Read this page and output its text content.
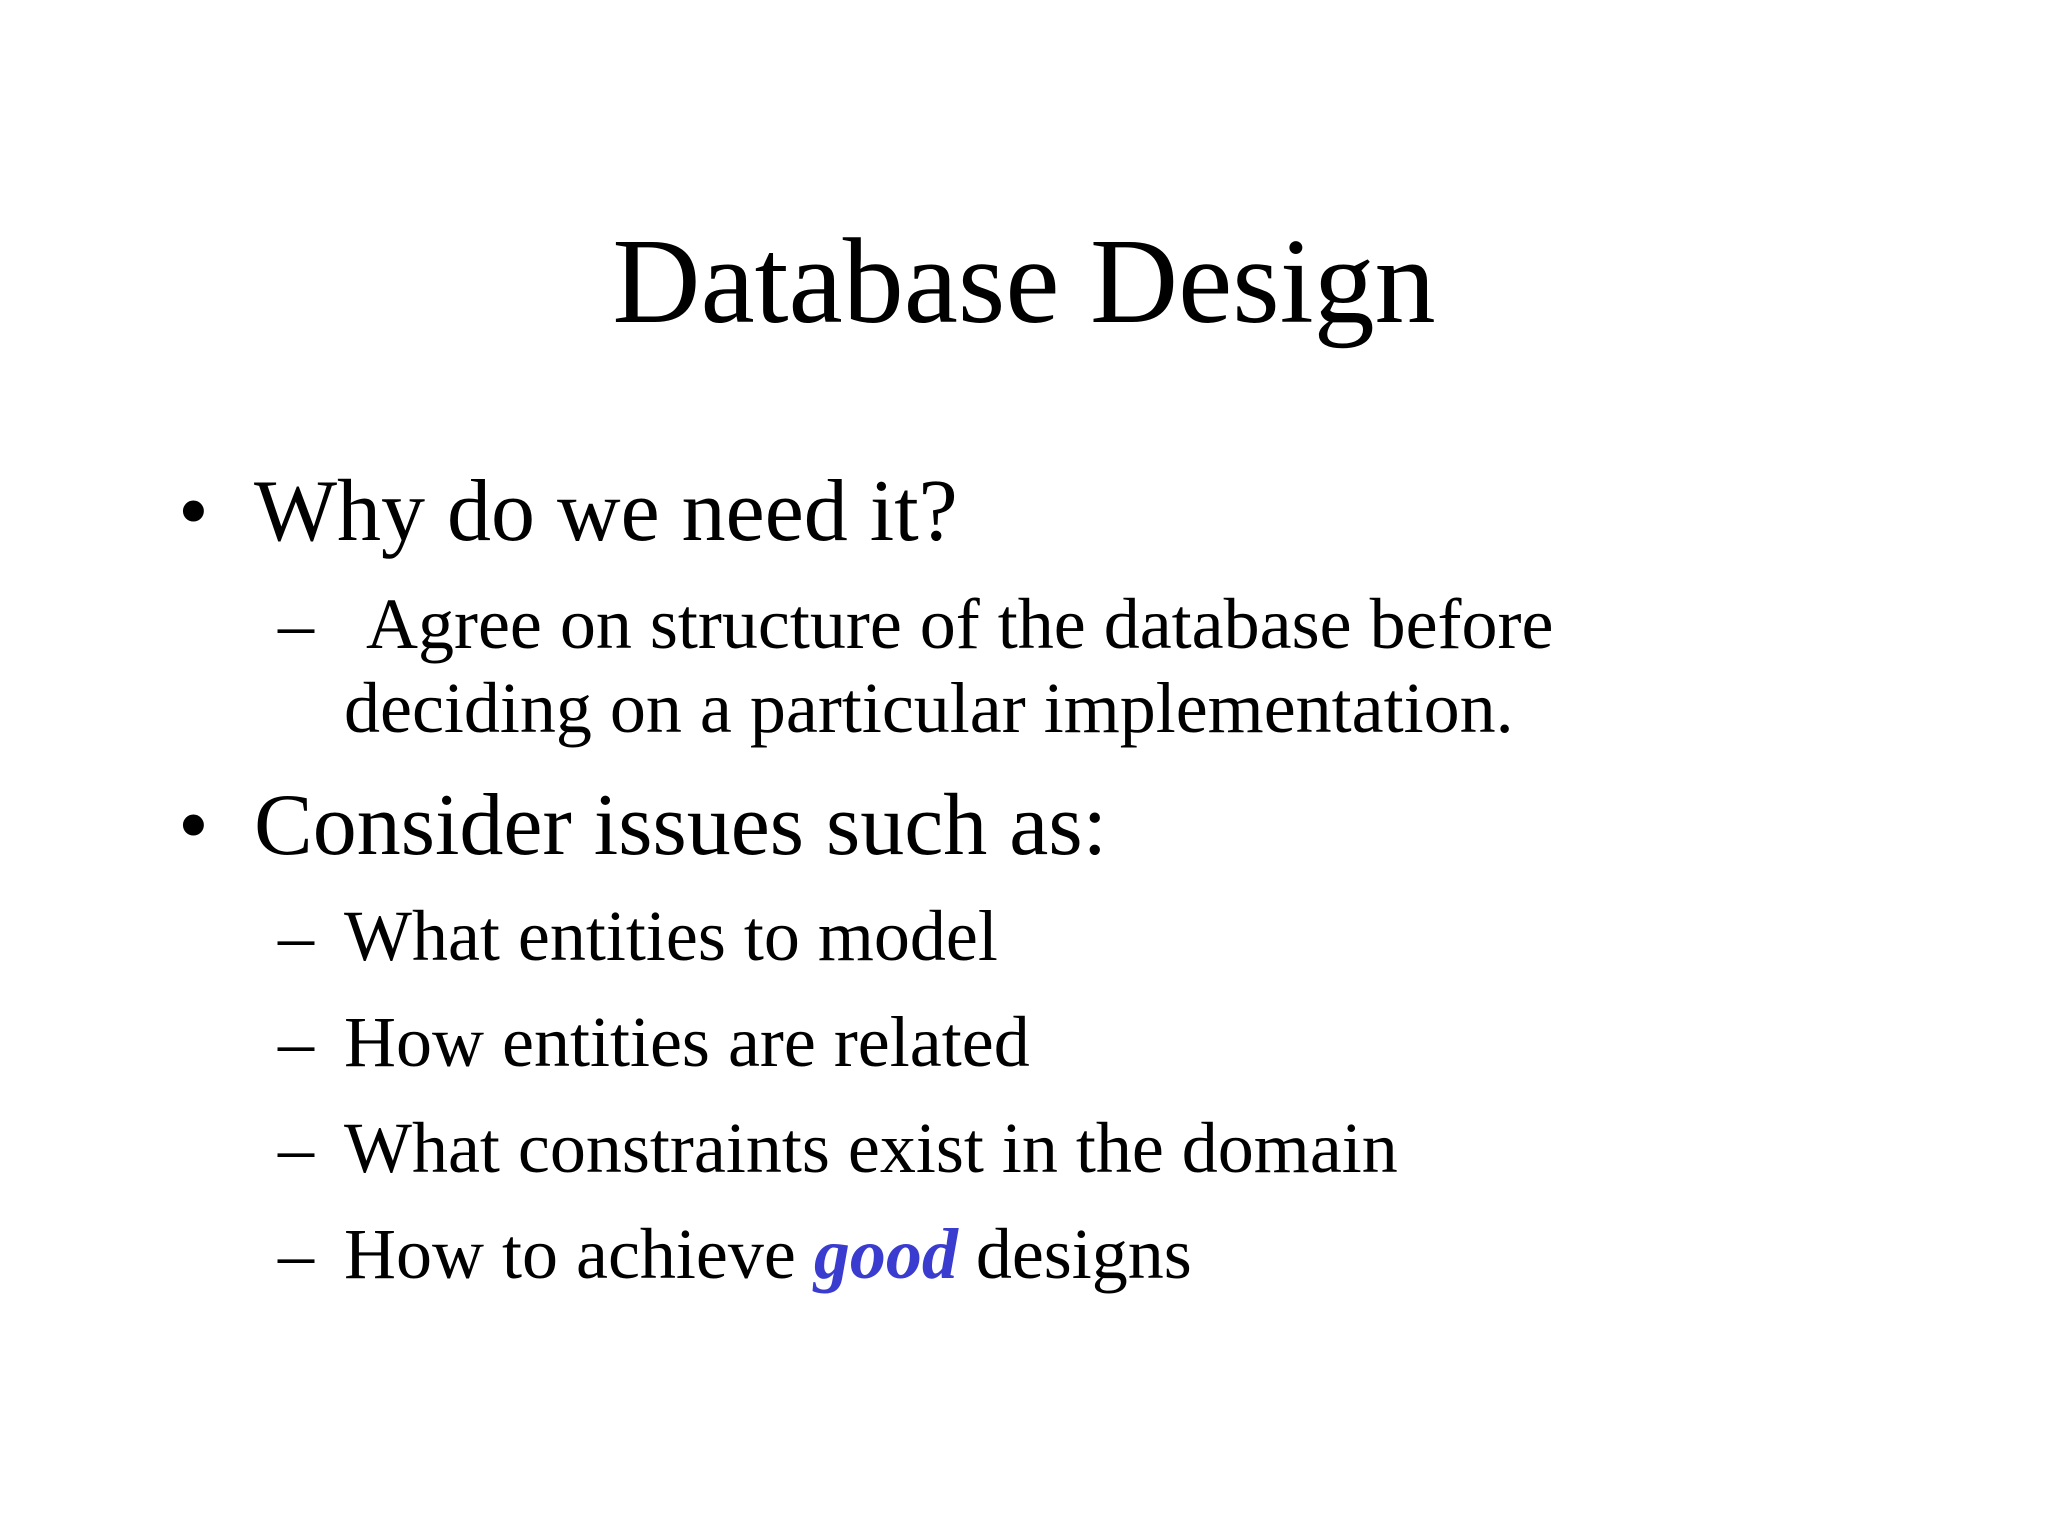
Database Design
• Why do we need it?
– Agree on structure of the database before
deciding on a particular implementation.
• Consider issues such as:
– What entities to model
– How entities are related
– What constraints exist in the domain
– How to achieve good designs
